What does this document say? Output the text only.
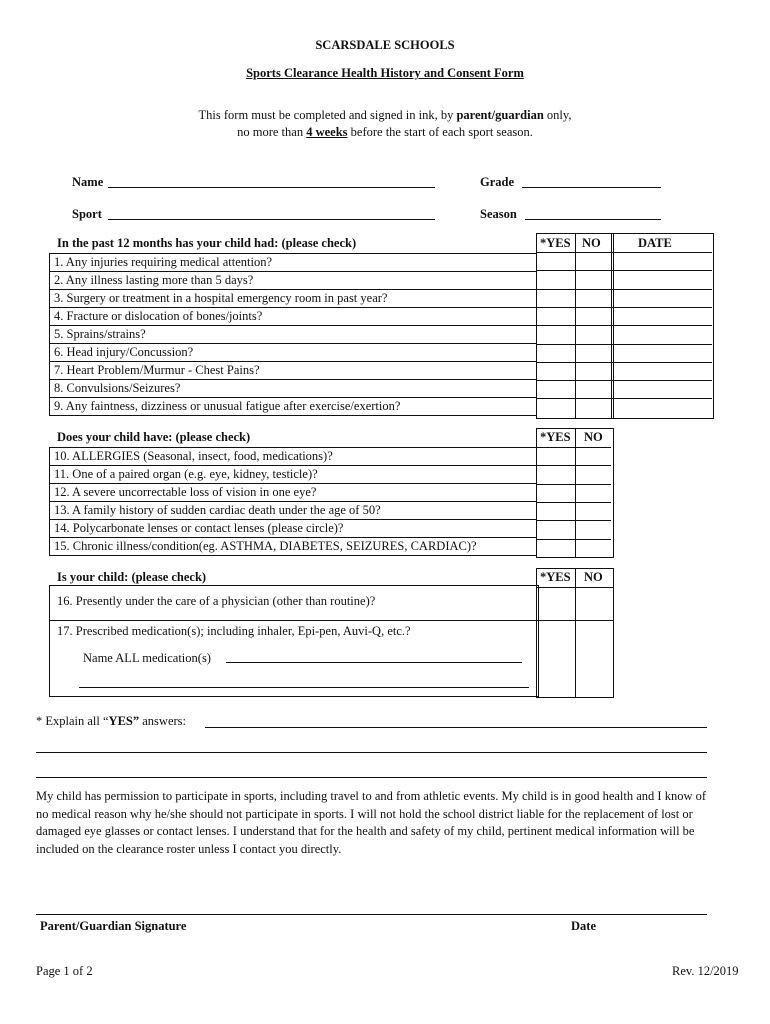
SCARSDALE SCHOOLS
Sports Clearance Health History and Consent Form
This form must be completed and signed in ink, by parent/guardian only,
no more than 4 weeks before the start of each sport season.
Name	Grade
Sport	Season
In the past 12 months has your child had: (please check)	*YES NO	DATE
1. Any injuries requiring medical attention?
2. Any illness lasting more than 5 days?
3. Surgery or treatment in a hospital emergency room in past year?
4. Fracture or dislocation of bones/joints?
5. Sprains/strains?
6. Head injury/Concussion?
7. Heart Problem/Murmur - Chest Pains?
8. Convulsions/Seizures?
9. Any faintness, dizziness or unusual fatigue after exercise/exertion?
Does your child have: (please check)	*YES NO
10. ALLERGIES (Seasonal, insect, food, medications)?
11. One of a paired organ (e.g. eye, kidney, testicle)?
12. A severe uncorrectable loss of vision in one eye?
13. A family history of sudden cardiac death under the age of 50?
14. Polycarbonate lenses or contact lenses (please circle)?
15. Chronic illness/condition(eg. ASTHMA, DIABETES, SEIZURES, CARDIAC)?
Is your child: (please check)	*YES NO
16. Presently under the care of a physician (other than routine)?
17. Prescribed medication(s); including inhaler, Epi-pen, Auvi-Q, etc.?
Name ALL medication(s)
* Explain all “YES” answers:
My child has permission to participate in sports, including travel to and from athletic events. My child is in good health and I know of no medical reason why he/she should not participate in sports. I will not hold the school district liable for the replacement of lost or damaged eye glasses or contact lenses. I understand that for the health and safety of my child, pertinent medical information will be included on the clearance roster unless I contact you directly.
Parent/Guardian Signature	Date
Page 1 of 2	Rev. 12/2019
